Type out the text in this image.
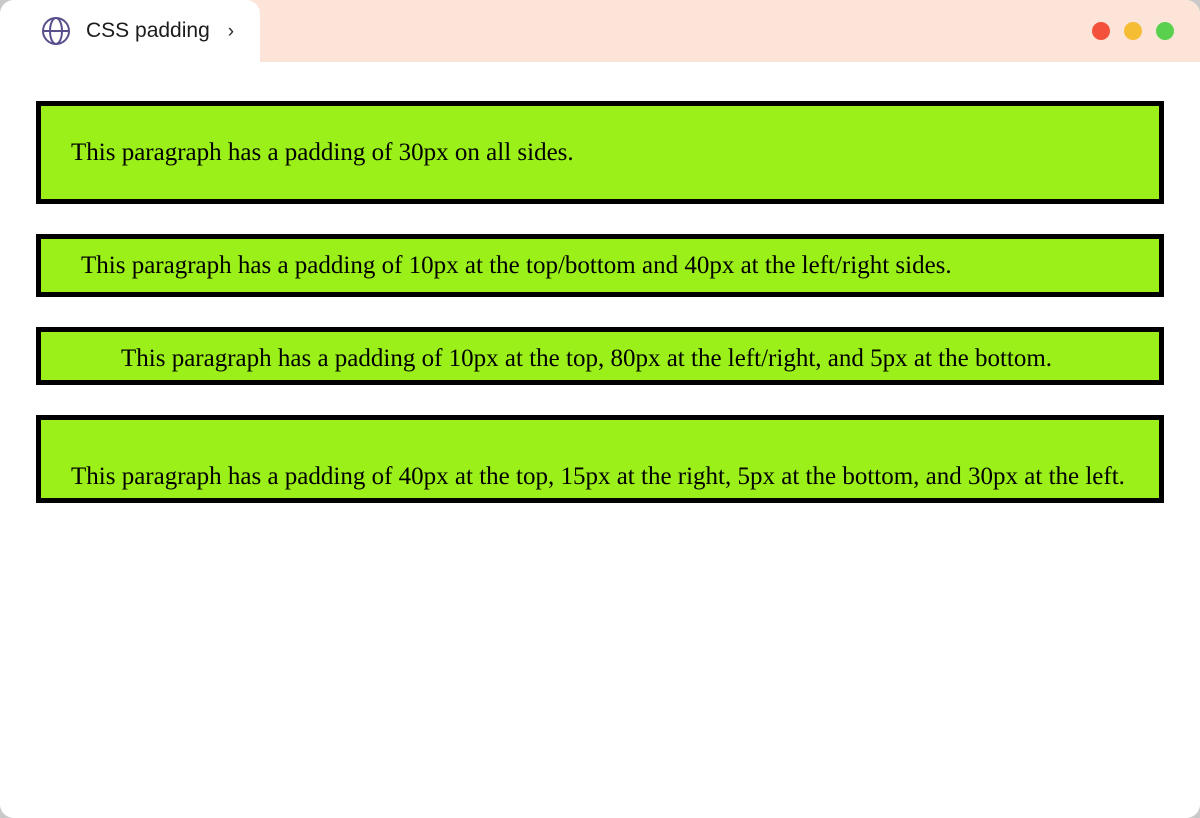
CSS padding ›

This paragraph has a padding of 30px on all sides.

This paragraph has a padding of 10px at the top/bottom and 40px at the left/right sides.

This paragraph has a padding of 10px at the top, 80px at the left/right, and 5px at the bottom.

This paragraph has a padding of 40px at the top, 15px at the right, 5px at the bottom, and 30px at the left.
